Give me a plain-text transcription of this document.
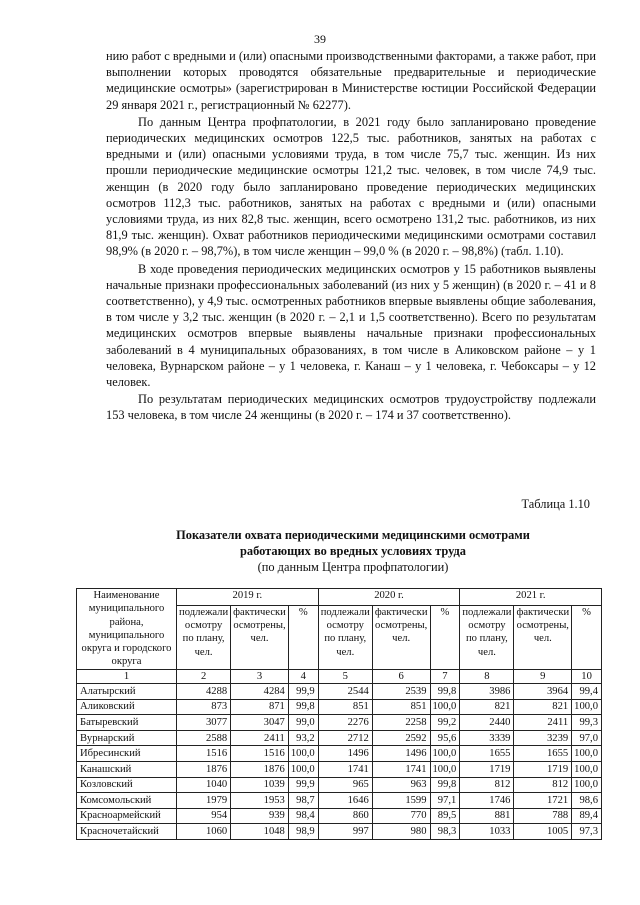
39

нию работ с вредными и (или) опасными производственными факторами, а также работ, при выполнении которых проводятся обязательные предварительные и периодические медицинские осмотры» (зарегистрирован в Министерстве юстиции Российской Федерации 29 января 2021 г., регистрационный № 62277).

По данным Центра профпатологии, в 2021 году было запланировано проведение периодических медицинских осмотров 122,5 тыс. работников, занятых на работах с вредными и (или) опасными условиями труда, в том числе 75,7 тыс. женщин. Из них прошли периодические медицинские осмотры 121,2 тыс. человек, в том числе 74,9 тыс. женщин (в 2020 году было запланировано проведение периодических медицинских осмотров 112,3 тыс. работников, занятых на работах с вредными и (или) опасными условиями труда, из них 82,8 тыс. женщин, всего осмотрено 131,2 тыс. работников, из них 81,9 тыс. женщин). Охват работников периодическими медицинскими осмотрами составил 98,9% (в 2020 г. – 98,7%), в том числе женщин – 99,0 % (в 2020 г. – 98,8%) (табл. 1.10).

В ходе проведения периодических медицинских осмотров у 15 работников выявлены начальные признаки профессиональных заболеваний (из них у 5 женщин) (в 2020 г. – 41 и 8 соответственно), у 4,9 тыс. осмотренных работников впервые выявлены общие заболевания, в том числе у 3,2 тыс. женщин (в 2020 г. – 2,1 и 1,5 соответственно). Всего по результатам медицинских осмотров впервые выявлены начальные признаки профессиональных заболеваний в 4 муниципальных образованиях, в том числе в Аликовском районе – у 1 человека, Вурнарском районе – у 1 человека, г. Канаш – у 1 человека, г. Чебоксары – у 12 человек.

По результатам периодических медицинских осмотров трудоустройству подлежали 153 человека, в том числе 24 женщины (в 2020 г. – 174 и 37 соответственно).

Таблица 1.10
Показатели охвата периодическими медицинскими осмотрами
работающих во вредных условиях труда
(по данным Центра профпатологии)
Наименование муниципального района, муниципального округа и городского округа	2019 г.			2020 г.			2021 г.		
	подлежали осмотру по плану, чел.	фактически осмотрены, чел.	%	подлежали осмотру по плану, чел.	фактически осмотрены, чел.	%	подлежали осмотру по плану, чел.	фактически осмотрены, чел.	%
1	2	3	4	5	6	7	8	9	10
Алатырский	4288	4284	99,9	2544	2539	99,8	3986	3964	99,4
Аликовский	873	871	99,8	851	851	100,0	821	821	100,0
Батыревский	3077	3047	99,0	2276	2258	99,2	2440	2411	99,3
Вурнарский	2588	2411	93,2	2712	2592	95,6	3339	3239	97,0
Ибресинский	1516	1516	100,0	1496	1496	100,0	1655	1655	100,0
Канашский	1876	1876	100,0	1741	1741	100,0	1719	1719	100,0
Козловский	1040	1039	99,9	965	963	99,8	812	812	100,0
Комсомольский	1979	1953	98,7	1646	1599	97,1	1746	1721	98,6
Красноармейский	954	939	98,4	860	770	89,5	881	788	89,4
Красночетайский	1060	1048	98,9	997	980	98,3	1033	1005	97,3
